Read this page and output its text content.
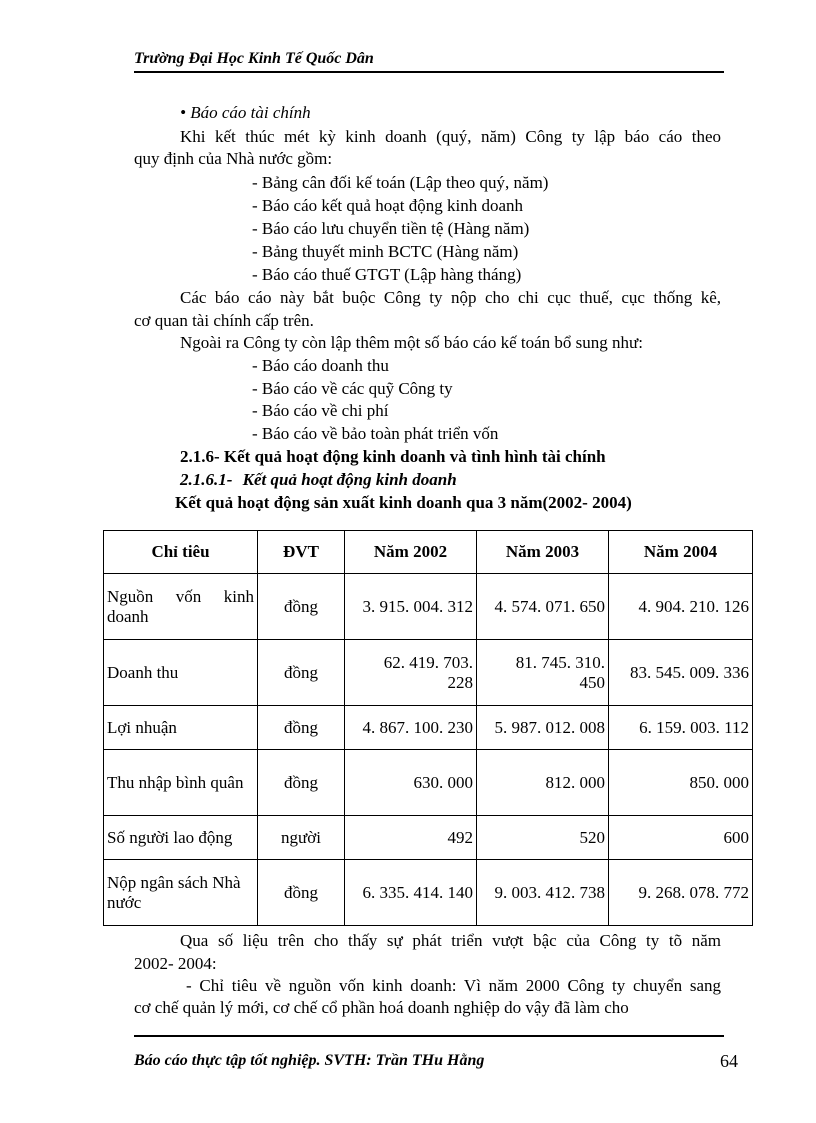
Trường Đại Học Kinh Tế Quốc Dân
• Báo cáo tài chính
Khi kết thúc mét kỳ kinh doanh (quý, năm) Công ty lập báo cáo theo
quy định của Nhà nước gồm:
- Bảng cân đối kế toán (Lập theo quý, năm)
- Báo cáo kết quả hoạt động kinh doanh
- Báo cáo lưu chuyển tiền tệ (Hàng năm)
- Bảng thuyết minh BCTC (Hàng năm)
- Báo cáo thuế GTGT (Lập hàng tháng)
Các báo cáo này bắt buộc Công ty nộp cho chi cục thuế, cục thống kê,
cơ quan tài chính cấp trên.
Ngoài ra Công ty còn lập thêm một số báo cáo kế toán bổ sung như:
- Báo cáo doanh thu
- Báo cáo về các quỹ Công ty
- Báo cáo về chi phí
- Báo cáo về bảo toàn phát triển vốn
2.1.6- Kết quả hoạt động kinh doanh và tình hình tài chính
2.1.6.1- Kết quả hoạt động kinh doanh
Kết quả hoạt động sản xuất kinh doanh qua 3 năm(2002- 2004)
Chỉ tiêu	ĐVT	Năm 2002	Năm 2003	Năm 2004
Nguồn vốn kinh doanh	đồng	3. 915. 004. 312	4. 574. 071. 650	4. 904. 210. 126
Doanh thu	đồng	62. 419. 703. 228	81. 745. 310. 450	83. 545. 009. 336
Lợi nhuận	đồng	4. 867. 100. 230	5. 987. 012. 008	6. 159. 003. 112
Thu nhập bình quân	đồng	630. 000	812. 000	850. 000
Số người lao động	người	492	520	600
Nộp ngân sách Nhà nước	đồng	6. 335. 414. 140	9. 003. 412. 738	9. 268. 078. 772
Qua số liệu trên cho thấy sự phát triển vượt bậc của Công ty tõ năm
2002- 2004:
- Chỉ tiêu về nguồn vốn kinh doanh: Vì năm 2000 Công ty chuyển sang
cơ chế quản lý mới, cơ chế cổ phần hoá doanh nghiệp do vậy đã làm cho
Báo cáo thực tập tốt nghiệp. SVTH: Trần THu Hằng	64
